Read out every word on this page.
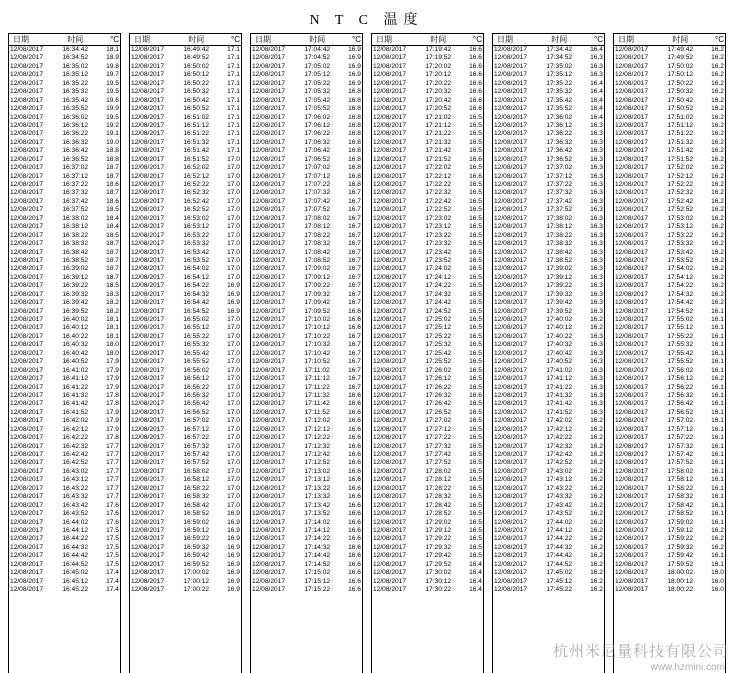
N T C 温度
日期	时间	°C
12/08/2017	16:34:42	18.1
12/08/2017	16:34:52	18.9
12/08/2017	16:35:02	19.8
12/08/2017	16:35:12	19.7
12/08/2017	16:35:22	19.5
12/08/2017	16:35:32	19.5
12/08/2017	16:35:42	19.6
12/08/2017	16:35:52	19.9
12/08/2017	16:36:02	19.5
12/08/2017	16:36:12	19.2
12/08/2017	16:36:22	19.1
12/08/2017	16:36:32	19.0
12/08/2017	16:36:42	18.8
12/08/2017	16:36:52	18.8
12/08/2017	16:37:02	18.7
12/08/2017	16:37:12	18.7
12/08/2017	16:37:22	18.6
12/08/2017	16:37:32	18.7
12/08/2017	16:37:42	18.6
12/08/2017	16:37:52	18.5
12/08/2017	16:38:02	18.4
12/08/2017	16:38:12	18.4
12/08/2017	16:38:22	18.5
12/08/2017	16:38:32	18.7
12/08/2017	16:38:42	18.7
12/08/2017	16:38:52	18.7
12/08/2017	16:39:02	18.7
12/08/2017	16:39:12	18.7
12/08/2017	16:39:22	18.5
12/08/2017	16:39:32	18.3
12/08/2017	16:39:42	18.2
12/08/2017	16:39:52	18.2
12/08/2017	16:40:02	18.1
12/08/2017	16:40:12	18.1
12/08/2017	16:40:22	18.1
12/08/2017	16:40:32	18.0
12/08/2017	16:40:42	18.0
12/08/2017	16:40:52	17.9
12/08/2017	16:41:02	17.9
12/08/2017	16:41:12	17.9
12/08/2017	16:41:22	17.9
12/08/2017	16:41:32	17.8
12/08/2017	16:41:42	17.8
12/08/2017	16:41:52	17.9
12/08/2017	16:42:02	17.9
12/08/2017	16:42:12	17.9
12/08/2017	16:42:22	17.8
12/08/2017	16:42:32	17.7
12/08/2017	16:42:42	17.7
12/08/2017	16:42:52	17.7
12/08/2017	16:43:02	17.7
12/08/2017	16:43:12	17.7
12/08/2017	16:43:22	17.7
12/08/2017	16:43:32	17.7
12/08/2017	16:43:42	17.6
12/08/2017	16:43:52	17.6
12/08/2017	16:44:02	17.6
12/08/2017	16:44:12	17.5
12/08/2017	16:44:22	17.5
12/08/2017	16:44:32	17.5
12/08/2017	16:44:42	17.5
12/08/2017	16:44:52	17.5
12/08/2017	16:45:02	17.4
12/08/2017	16:45:12	17.4
12/08/2017	16:45:22	17.4
日期	时间	°C
12/08/2017	16:49:42	17.1
12/08/2017	16:49:52	17.1
12/08/2017	16:50:02	17.1
12/08/2017	16:50:12	17.1
12/08/2017	16:50:22	17.1
12/08/2017	16:50:32	17.1
12/08/2017	16:50:42	17.1
12/08/2017	16:50:52	17.1
12/08/2017	16:51:02	17.1
12/08/2017	16:51:12	17.1
12/08/2017	16:51:22	17.1
12/08/2017	16:51:32	17.1
12/08/2017	16:51:42	17.1
12/08/2017	16:51:52	17.0
12/08/2017	16:52:02	17.0
12/08/2017	16:52:12	17.0
12/08/2017	16:52:22	17.0
12/08/2017	16:52:32	17.0
12/08/2017	16:52:42	17.0
12/08/2017	16:52:52	17.0
12/08/2017	16:53:02	17.0
12/08/2017	16:53:12	17.0
12/08/2017	16:53:22	17.0
12/08/2017	16:53:32	17.0
12/08/2017	16:53:42	17.0
12/08/2017	16:53:52	17.0
12/08/2017	16:54:02	17.0
12/08/2017	16:54:12	17.0
12/08/2017	16:54:22	16.9
12/08/2017	16:54:32	16.9
12/08/2017	16:54:42	16.9
12/08/2017	16:54:52	16.9
12/08/2017	16:55:02	17.0
12/08/2017	16:55:12	17.0
12/08/2017	16:55:22	17.0
12/08/2017	16:55:32	17.0
12/08/2017	16:55:42	17.0
12/08/2017	16:55:52	17.0
12/08/2017	16:56:02	17.0
12/08/2017	16:56:12	17.0
12/08/2017	16:56:22	17.0
12/08/2017	16:56:32	17.0
12/08/2017	16:56:42	17.0
12/08/2017	16:56:52	17.0
12/08/2017	16:57:02	17.0
12/08/2017	16:57:12	17.0
12/08/2017	16:57:22	17.0
12/08/2017	16:57:32	17.0
12/08/2017	16:57:42	17.0
12/08/2017	16:57:52	17.0
12/08/2017	16:58:02	17.0
12/08/2017	16:58:12	17.0
12/08/2017	16:58:22	17.0
12/08/2017	16:58:32	17.0
12/08/2017	16:58:42	17.0
12/08/2017	16:58:52	16.9
12/08/2017	16:59:02	16.9
12/08/2017	16:59:12	16.9
12/08/2017	16:59:22	16.9
12/08/2017	16:59:32	16.9
12/08/2017	16:59:42	16.9
12/08/2017	16:59:52	16.9
12/08/2017	17:00:02	16.9
12/08/2017	17:00:12	16.9
12/08/2017	17:00:22	16.9
日期	时间	°C
12/08/2017	17:04:42	16.9
12/08/2017	17:04:52	16.9
12/08/2017	17:05:02	16.9
12/08/2017	17:05:12	16.9
12/08/2017	17:05:22	16.9
12/08/2017	17:05:32	16.8
12/08/2017	17:05:42	16.8
12/08/2017	17:05:52	16.8
12/08/2017	17:06:02	16.8
12/08/2017	17:06:12	16.8
12/08/2017	17:06:22	16.8
12/08/2017	17:06:32	16.8
12/08/2017	17:06:42	16.8
12/08/2017	17:06:52	16.8
12/08/2017	17:07:02	16.8
12/08/2017	17:07:12	16.8
12/08/2017	17:07:22	16.8
12/08/2017	17:07:32	16.7
12/08/2017	17:07:42	16.7
12/08/2017	17:07:52	16.7
12/08/2017	17:08:02	16.7
12/08/2017	17:08:12	16.7
12/08/2017	17:08:22	16.7
12/08/2017	17:08:32	16.7
12/08/2017	17:08:42	16.7
12/08/2017	17:08:52	16.7
12/08/2017	17:09:02	16.7
12/08/2017	17:09:12	16.7
12/08/2017	17:09:22	16.7
12/08/2017	17:09:32	16.7
12/08/2017	17:09:42	16.7
12/08/2017	17:09:52	16.6
12/08/2017	17:10:02	16.6
12/08/2017	17:10:12	16.6
12/08/2017	17:10:22	16.7
12/08/2017	17:10:32	16.7
12/08/2017	17:10:42	16.7
12/08/2017	17:10:52	16.7
12/08/2017	17:11:02	16.7
12/08/2017	17:11:12	16.7
12/08/2017	17:11:22	16.7
12/08/2017	17:11:32	16.6
12/08/2017	17:11:42	16.6
12/08/2017	17:11:52	16.6
12/08/2017	17:12:02	16.6
12/08/2017	17:12:12	16.6
12/08/2017	17:12:22	16.6
12/08/2017	17:12:32	16.6
12/08/2017	17:12:42	16.6
12/08/2017	17:12:52	16.6
12/08/2017	17:13:02	16.6
12/08/2017	17:13:12	16.6
12/08/2017	17:13:22	16.6
12/08/2017	17:13:32	16.6
12/08/2017	17:13:42	16.6
12/08/2017	17:13:52	16.6
12/08/2017	17:14:02	16.6
12/08/2017	17:14:12	16.6
12/08/2017	17:14:22	16.6
12/08/2017	17:14:32	16.6
12/08/2017	17:14:42	16.6
12/08/2017	17:14:52	16.6
12/08/2017	17:15:02	16.6
12/08/2017	17:15:12	16.6
12/08/2017	17:15:22	16.6
日期	时间	°C
12/08/2017	17:19:42	16.6
12/08/2017	17:19:52	16.6
12/08/2017	17:20:02	16.6
12/08/2017	17:20:12	16.6
12/08/2017	17:20:22	16.6
12/08/2017	17:20:32	16.6
12/08/2017	17:20:42	16.6
12/08/2017	17:20:52	16.6
12/08/2017	17:21:02	16.5
12/08/2017	17:21:12	16.5
12/08/2017	17:21:22	16.5
12/08/2017	17:21:32	16.5
12/08/2017	17:21:42	16.5
12/08/2017	17:21:52	16.6
12/08/2017	17:22:02	16.5
12/08/2017	17:22:12	16.6
12/08/2017	17:22:22	16.5
12/08/2017	17:22:32	16.5
12/08/2017	17:22:42	16.5
12/08/2017	17:22:52	16.5
12/08/2017	17:23:02	16.5
12/08/2017	17:23:12	16.5
12/08/2017	17:23:22	16.5
12/08/2017	17:23:32	16.5
12/08/2017	17:23:42	16.5
12/08/2017	17:23:52	16.5
12/08/2017	17:24:02	16.5
12/08/2017	17:24:12	16.5
12/08/2017	17:24:22	16.5
12/08/2017	17:24:32	16.5
12/08/2017	17:24:42	16.5
12/08/2017	17:24:52	16.5
12/08/2017	17:25:02	16.5
12/08/2017	17:25:12	16.5
12/08/2017	17:25:22	16.5
12/08/2017	17:25:32	16.5
12/08/2017	17:25:42	16.5
12/08/2017	17:25:52	16.5
12/08/2017	17:26:02	16.5
12/08/2017	17:26:12	16.5
12/08/2017	17:26:22	16.5
12/08/2017	17:26:32	16.6
12/08/2017	17:26:42	16.5
12/08/2017	17:26:52	16.5
12/08/2017	17:27:02	16.5
12/08/2017	17:27:12	16.5
12/08/2017	17:27:22	16.5
12/08/2017	17:27:32	16.5
12/08/2017	17:27:42	16.5
12/08/2017	17:27:52	16.5
12/08/2017	17:28:02	16.5
12/08/2017	17:28:12	16.5
12/08/2017	17:28:22	16.5
12/08/2017	17:28:32	16.5
12/08/2017	17:28:42	16.5
12/08/2017	17:28:52	16.5
12/08/2017	17:29:02	16.5
12/08/2017	17:29:12	16.5
12/08/2017	17:29:22	16.5
12/08/2017	17:29:32	16.5
12/08/2017	17:29:42	16.5
12/08/2017	17:29:52	16.4
12/08/2017	17:30:02	16.4
12/08/2017	17:30:12	16.4
12/08/2017	17:30:22	16.4
日期	时间	°C
12/08/2017	17:34:42	16.4
12/08/2017	17:34:52	16.3
12/08/2017	17:35:02	16.3
12/08/2017	17:35:12	16.3
12/08/2017	17:35:22	16.4
12/08/2017	17:35:32	16.4
12/08/2017	17:35:42	16.4
12/08/2017	17:35:52	16.4
12/08/2017	17:36:02	16.4
12/08/2017	17:36:12	16.3
12/08/2017	17:36:22	16.3
12/08/2017	17:36:32	16.3
12/08/2017	17:36:42	16.3
12/08/2017	17:36:52	16.3
12/08/2017	17:37:02	16.3
12/08/2017	17:37:12	16.3
12/08/2017	17:37:22	16.3
12/08/2017	17:37:32	16.3
12/08/2017	17:37:42	16.3
12/08/2017	17:37:52	16.3
12/08/2017	17:38:02	16.3
12/08/2017	17:38:12	16.3
12/08/2017	17:38:22	16.3
12/08/2017	17:38:32	16.3
12/08/2017	17:38:42	16.3
12/08/2017	17:38:52	16.3
12/08/2017	17:39:02	16.3
12/08/2017	17:39:12	16.3
12/08/2017	17:39:22	16.3
12/08/2017	17:39:32	16.3
12/08/2017	17:39:42	16.3
12/08/2017	17:39:52	16.3
12/08/2017	17:40:02	16.2
12/08/2017	17:40:12	16.2
12/08/2017	17:40:22	16.3
12/08/2017	17:40:32	16.3
12/08/2017	17:40:42	16.3
12/08/2017	17:40:52	16.3
12/08/2017	17:41:02	16.3
12/08/2017	17:41:12	16.3
12/08/2017	17:41:22	16.3
12/08/2017	17:41:32	16.3
12/08/2017	17:41:42	16.3
12/08/2017	17:41:52	16.3
12/08/2017	17:42:02	16.2
12/08/2017	17:42:12	16.2
12/08/2017	17:42:22	16.2
12/08/2017	17:42:32	16.2
12/08/2017	17:42:42	16.2
12/08/2017	17:42:52	16.2
12/08/2017	17:43:02	16.2
12/08/2017	17:43:12	16.2
12/08/2017	17:43:22	16.2
12/08/2017	17:43:32	16.2
12/08/2017	17:43:42	16.2
12/08/2017	17:43:52	16.2
12/08/2017	17:44:02	16.2
12/08/2017	17:44:12	16.2
12/08/2017	17:44:22	16.2
12/08/2017	17:44:32	16.2
12/08/2017	17:44:42	16.2
12/08/2017	17:44:52	16.2
12/08/2017	17:45:02	16.2
12/08/2017	17:45:12	16.2
12/08/2017	17:45:22	16.2
日期	时间	°C
12/08/2017	17:49:42	16.2
12/08/2017	17:49:52	16.2
12/08/2017	17:50:02	16.2
12/08/2017	17:50:12	16.2
12/08/2017	17:50:22	16.2
12/08/2017	17:50:32	16.2
12/08/2017	17:50:42	16.2
12/08/2017	17:50:52	16.2
12/08/2017	17:51:02	16.2
12/08/2017	17:51:12	16.2
12/08/2017	17:51:22	16.2
12/08/2017	17:51:32	16.2
12/08/2017	17:51:42	16.2
12/08/2017	17:51:52	16.2
12/08/2017	17:52:02	16.2
12/08/2017	17:52:12	16.2
12/08/2017	17:52:22	16.2
12/08/2017	17:52:32	16.2
12/08/2017	17:52:42	16.2
12/08/2017	17:52:52	16.2
12/08/2017	17:53:02	16.2
12/08/2017	17:53:12	16.2
12/08/2017	17:53:22	16.2
12/08/2017	17:53:32	16.2
12/08/2017	17:53:42	16.2
12/08/2017	17:53:52	16.2
12/08/2017	17:54:02	16.2
12/08/2017	17:54:12	16.2
12/08/2017	17:54:22	16.2
12/08/2017	17:54:32	16.2
12/08/2017	17:54:42	16.2
12/08/2017	17:54:52	16.1
12/08/2017	17:55:02	16.1
12/08/2017	17:55:12	16.1
12/08/2017	17:55:22	16.1
12/08/2017	17:55:32	16.1
12/08/2017	17:55:42	16.1
12/08/2017	17:55:52	16.1
12/08/2017	17:56:02	16.1
12/08/2017	17:56:12	16.2
12/08/2017	17:56:22	16.1
12/08/2017	17:56:32	16.1
12/08/2017	17:56:42	16.1
12/08/2017	17:56:52	16.1
12/08/2017	17:57:02	16.1
12/08/2017	17:57:12	16.1
12/08/2017	17:57:22	16.1
12/08/2017	17:57:32	16.1
12/08/2017	17:57:42	16.1
12/08/2017	17:57:52	16.1
12/08/2017	17:58:02	16.1
12/08/2017	17:58:12	16.1
12/08/2017	17:58:22	16.1
12/08/2017	17:58:32	16.1
12/08/2017	17:58:42	16.1
12/08/2017	17:58:52	16.1
12/08/2017	17:59:02	16.1
12/08/2017	17:59:12	16.2
12/08/2017	17:59:22	16.2
12/08/2017	17:59:32	16.2
12/08/2017	17:59:42	16.1
12/08/2017	17:59:52	16.1
12/08/2017	18:00:02	16.0
12/08/2017	18:00:12	16.0
12/08/2017	18:00:22	16.0
杭州米尼量科技有限公司
www.hzmini.com
